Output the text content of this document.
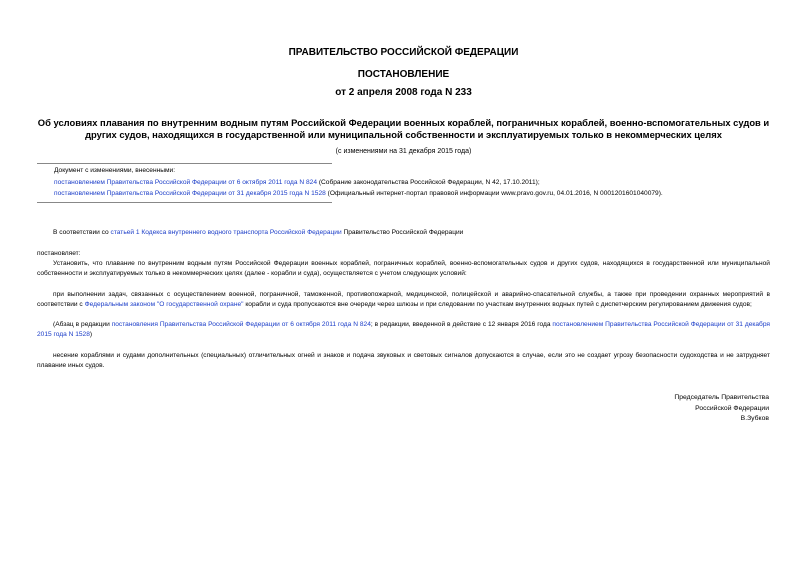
ПРАВИТЕЛЬСТВО РОССИЙСКОЙ ФЕДЕРАЦИИ
ПОСТАНОВЛЕНИЕ
от 2 апреля 2008 года N 233
Об условиях плавания по внутренним водным путям Российской Федерации военных кораблей, пограничных кораблей, военно-вспомогательных судов и других судов, находящихся в государственной или муниципальной собственности и эксплуатируемых только в некоммерческих целях
(с изменениями на 31 декабря 2015 года)
Документ с изменениями, внесенными:
постановлением Правительства Российской Федерации от 6 октября 2011 года N 824 (Собрание законодательства Российской Федерации, N 42, 17.10.2011);
постановлением Правительства Российской Федерации от 31 декабря 2015 года N 1528 (Официальный интернет-портал правовой информации www.pravo.gov.ru, 04.01.2016, N 0001201601040079).
В соответствии со статьей 1 Кодекса внутреннего водного транспорта Российской Федерации Правительство Российской Федерации
постановляет:
Установить, что плавание по внутренним водным путям Российской Федерации военных кораблей, пограничных кораблей, военно-вспомогательных судов и других судов, находящихся в государственной или муниципальной собственности и эксплуатируемых только в некоммерческих целях (далее - корабли и суда), осуществляется с учетом следующих условий:
при выполнении задач, связанных с осуществлением военной, пограничной, таможенной, противопожарной, медицинской, полицейской и аварийно-спасательной службы, а также при проведении охранных мероприятий в соответствии с Федеральным законом "О государственной охране" корабли и суда пропускаются вне очереди через шлюзы и при следовании по участкам внутренних водных путей с диспетчерским регулированием движения судов;
(Абзац в редакции постановления Правительства Российской Федерации от 6 октября 2011 года N 824; в редакции, введенной в действие с 12 января 2016 года постановлением Правительства Российской Федерации от 31 декабря 2015 года N 1528)
несение кораблями и судами дополнительных (специальных) отличительных огней и знаков и подача звуковых и световых сигналов допускаются в случае, если это не создает угрозу безопасности судоходства и не затрудняет плавание иных судов.
Председатель Правительства
Российской Федерации
В.Зубков
